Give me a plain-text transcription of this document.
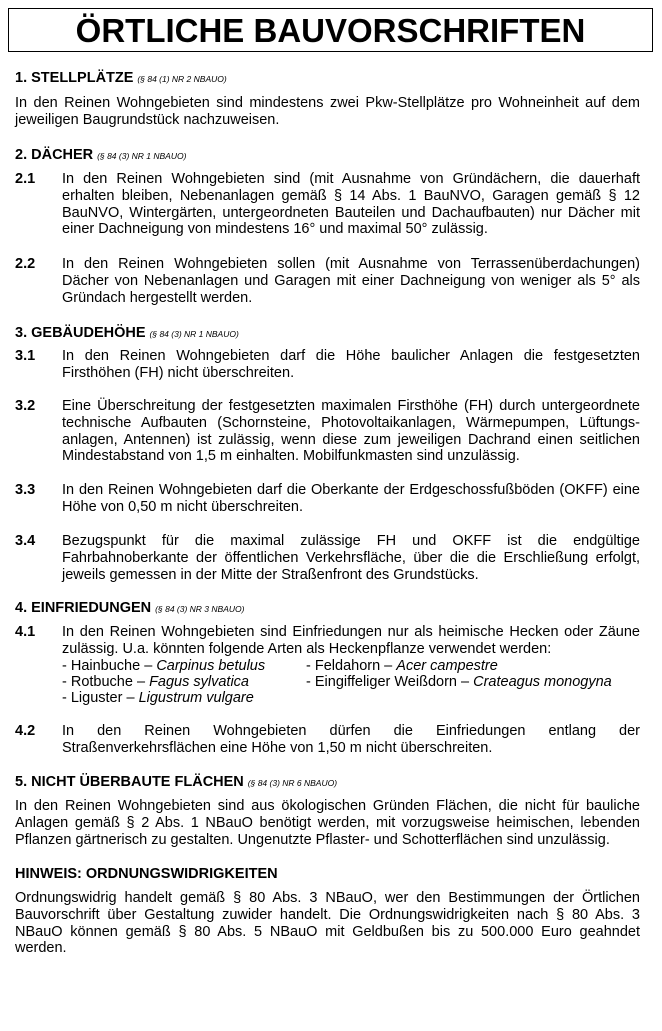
ÖRTLICHE BAUVORSCHRIFTEN
1. STELLPLÄTZE (§ 84 (1) NR 2 NBAUO)
In den Reinen Wohngebieten sind mindestens zwei Pkw-Stellplätze pro Wohneinheit auf dem jeweiligen Baugrundstück nachzuweisen.
2. DÄCHER (§ 84 (3) NR 1 NBAUO)
2.1 In den Reinen Wohngebieten sind (mit Ausnahme von Gründächern, die dauerhaft erhalten bleiben, Nebenanlagen gemäß § 14 Abs. 1 BauNVO, Garagen gemäß § 12 BauNVO, Wintergärten, untergeordneten Bauteilen und Dachaufbauten) nur Dächer mit einer Dachneigung von mindestens 16° und maximal 50° zulässig.
2.2 In den Reinen Wohngebieten sollen (mit Ausnahme von Terrassenüberdachungen) Dächer von Nebenanlagen und Garagen mit einer Dachneigung von weniger als 5° als Gründach hergestellt werden.
3. GEBÄUDEHÖHE (§ 84 (3) NR 1 NBAUO)
3.1 In den Reinen Wohngebieten darf die Höhe baulicher Anlagen die festgesetzten Firsthöhen (FH) nicht überschreiten.
3.2 Eine Überschreitung der festgesetzten maximalen Firsthöhe (FH) durch untergeordnete technische Aufbauten (Schornsteine, Photovoltaikanlagen, Wärmepumpen, Lüftungsanlagen, Antennen) ist zulässig, wenn diese zum jeweiligen Dachrand einen seitlichen Mindestabstand von 1,5 m einhalten. Mobilfunkmasten sind unzulässig.
3.3 In den Reinen Wohngebieten darf die Oberkante der Erdgeschossfußböden (OKFF) eine Höhe von 0,50 m nicht überschreiten.
3.4 Bezugspunkt für die maximal zulässige FH und OKFF ist die endgültige Fahrbahnoberkante der öffentlichen Verkehrsfläche, über die die Erschließung erfolgt, jeweils gemessen in der Mitte der Straßenfront des Grundstücks.
4. EINFRIEDUNGEN (§ 84 (3) NR 3 NBAUO)
4.1 In den Reinen Wohngebieten sind Einfriedungen nur als heimische Hecken oder Zäune zulässig. U.a. könnten folgende Arten als Heckenpflanze verwendet werden:
- Hainbuche – Carpinus betulus
- Rotbuche – Fagus sylvatica
- Liguster – Ligustrum vulgare
- Feldahorn – Acer campestre
- Eingiffeliger Weißdorn – Crateagus monogyna
4.2 In den Reinen Wohngebieten dürfen die Einfriedungen entlang der Straßenverkehrsflächen eine Höhe von 1,50 m nicht überschreiten.
5. NICHT ÜBERBAUTE FLÄCHEN (§ 84 (3) NR 6 NBAUO)
In den Reinen Wohngebieten sind aus ökologischen Gründen Flächen, die nicht für bauliche Anlagen gemäß § 2 Abs. 1 NBauO benötigt werden, mit vorzugsweise heimischen, lebenden Pflanzen gärtnerisch zu gestalten. Ungenutzte Pflaster- und Schotterflächen sind unzulässig.
HINWEIS: ORDNUNGSWIDRIGKEITEN
Ordnungswidrig handelt gemäß § 80 Abs. 3 NBauO, wer den Bestimmungen der Örtlichen Bauvorschrift über Gestaltung zuwider handelt. Die Ordnungswidrigkeiten nach § 80 Abs. 3 NBauO können gemäß § 80 Abs. 5 NBauO mit Geldbußen bis zu 500.000 Euro geahndet werden.
